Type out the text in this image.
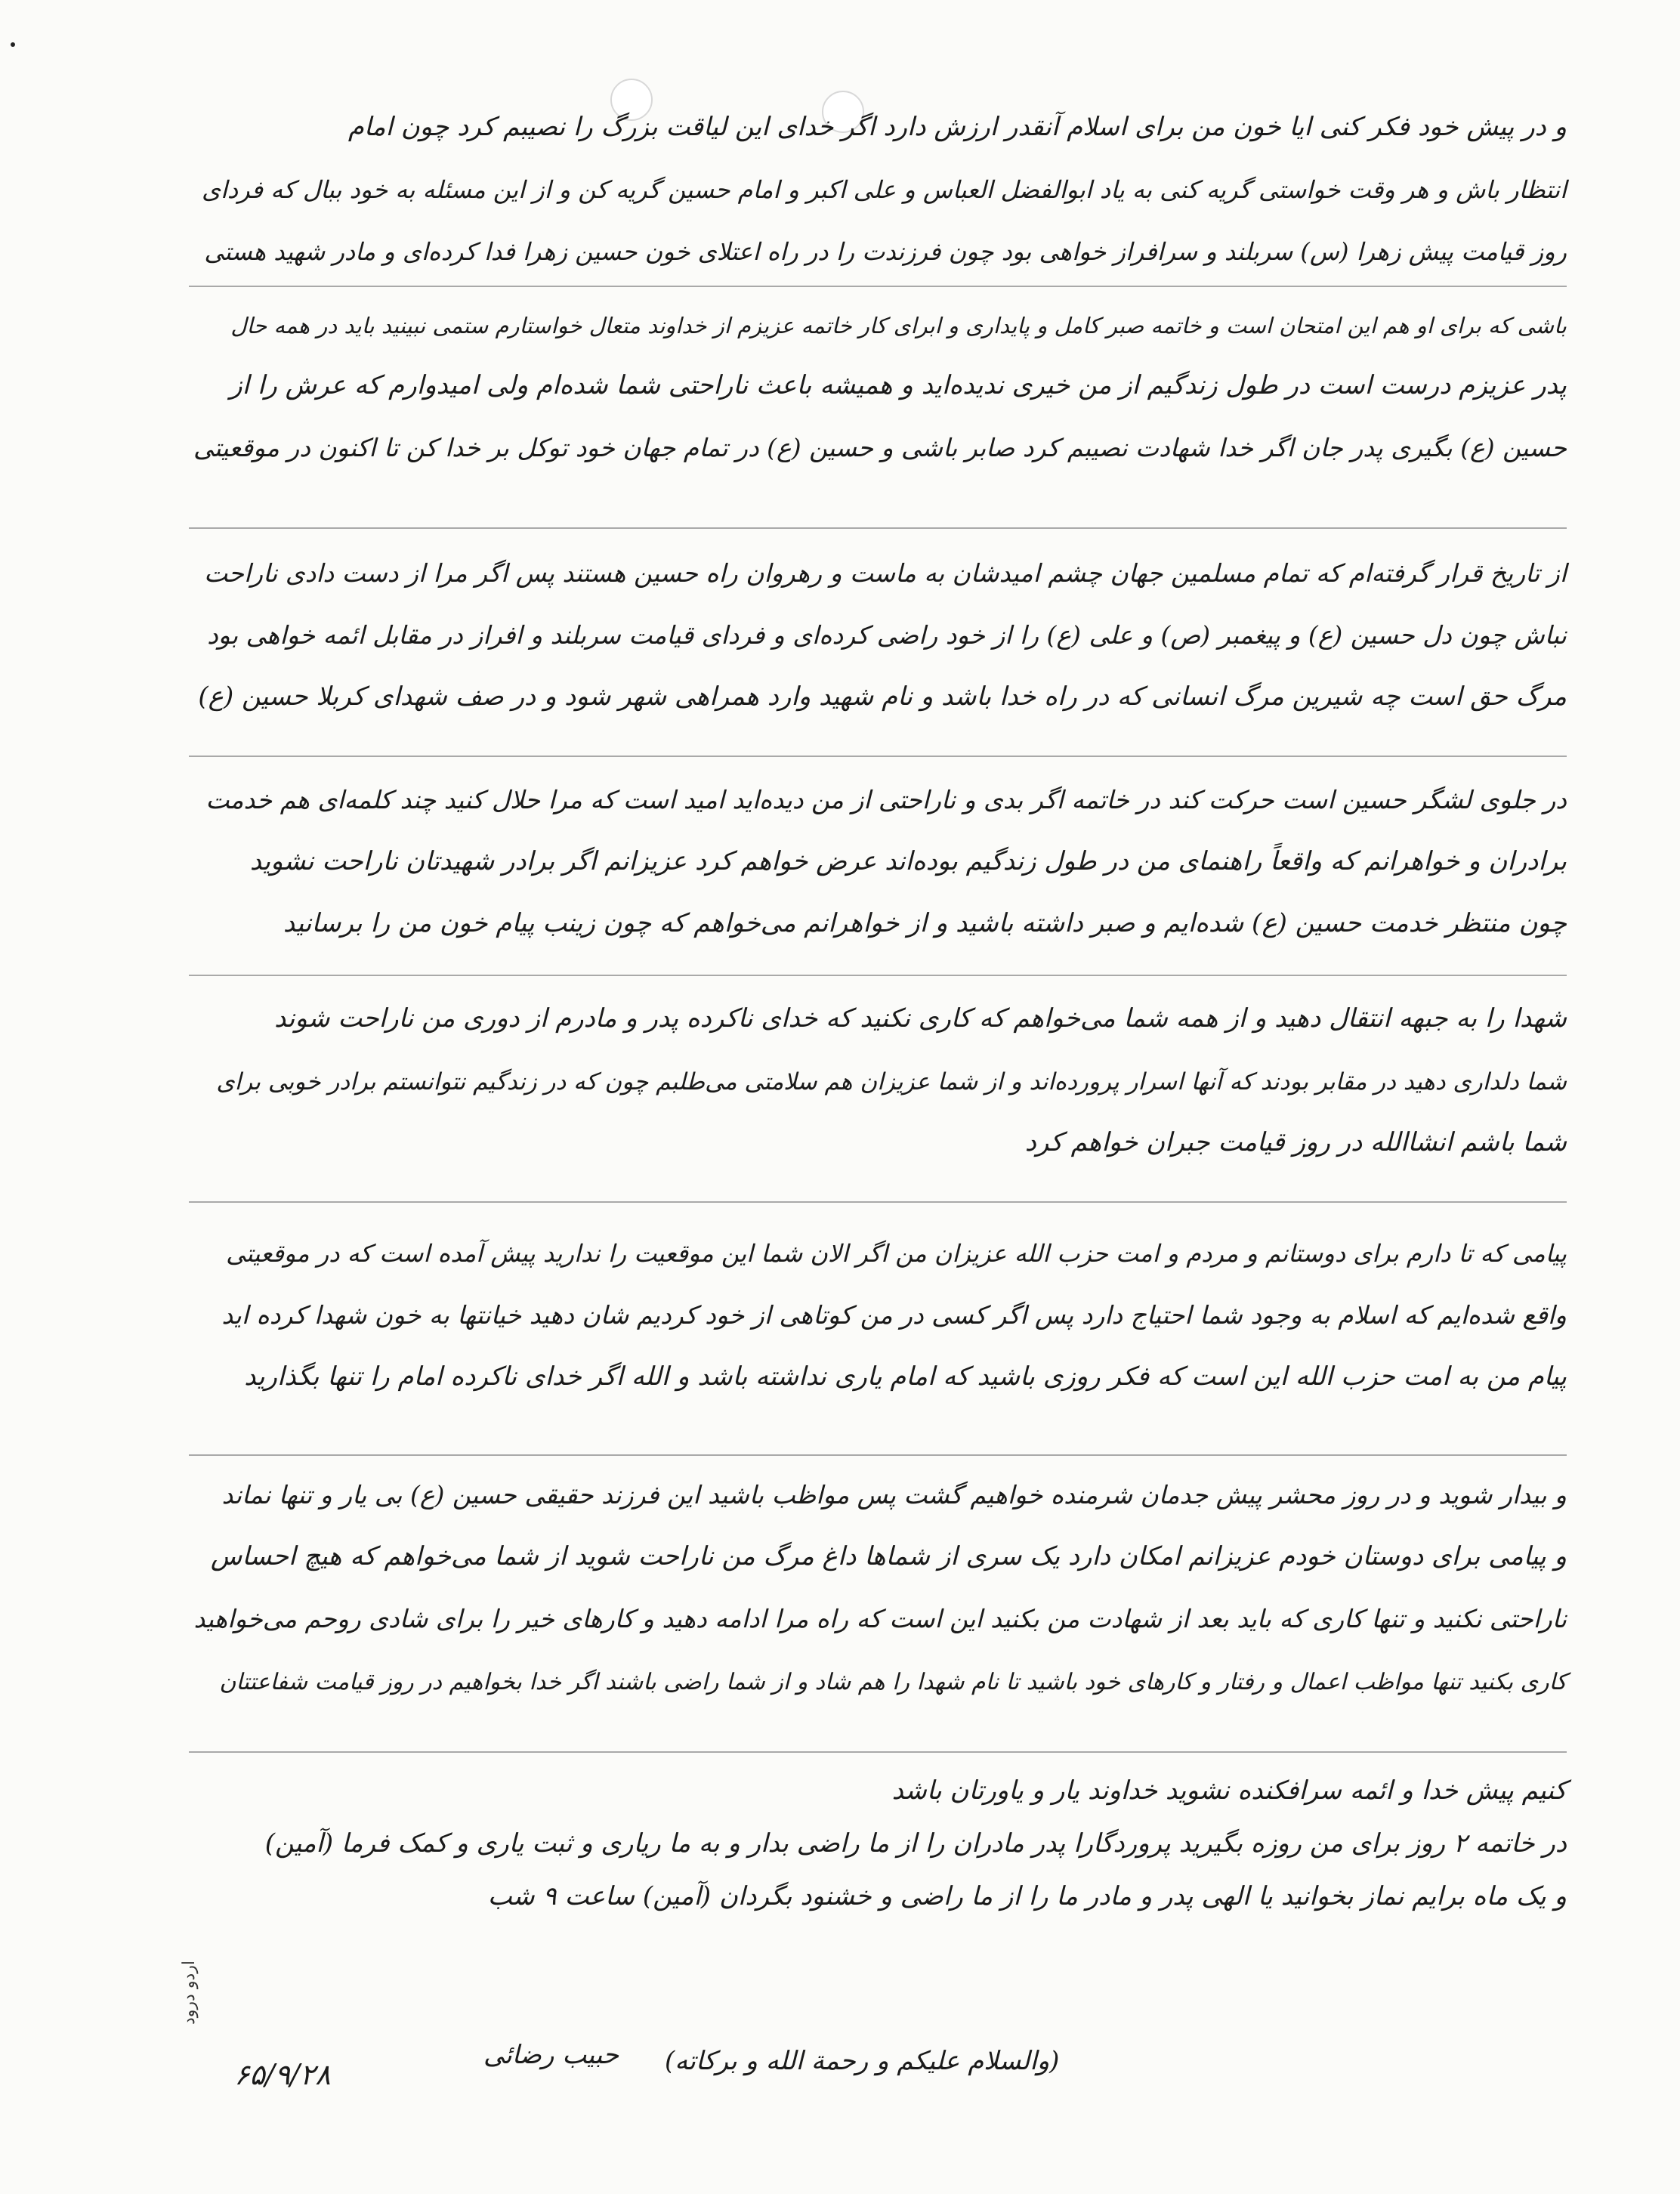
و در پیش خود فکر کنی ایا خون من برای اسلام آنقدر ارزش دارد اگر خدای این لیاقت بزرگ را نصیبم کرد چون امام
انتظار باش و هر وقت خواستی گریه کنی به یاد ابوالفضل العباس و علی اکبر و امام حسین گریه کن و از این مسئله به خود ببال که فردای
روز قیامت پیش زهرا (س) سربلند و سرافراز خواهی بود چون فرزندت را در راه اعتلای خون حسین زهرا فدا کرده‌ای و مادر شهید هستی
باشی که برای او هم این امتحان است و خاتمه صبر کامل و پایداری و ابرای کار خاتمه عزیزم از خداوند متعال خواستارم ستمی نبینید باید در همه حال
پدر عزیزم درست است در طول زندگیم از من خیری ندیده‌اید و همیشه باعث ناراحتی شما شده‌ام ولی امیدوارم که عرش را از
حسین (ع) بگیری پدر جان اگر خدا شهادت نصیبم کرد صابر باشی و حسین (ع) در تمام جهان خود توکل بر خدا کن تا اکنون در موقعیتی
از تاریخ قرار گرفته‌ام که تمام مسلمین جهان چشم امیدشان به ماست و رهروان راه حسین هستند پس اگر مرا از دست دادی ناراحت
نباش چون دل حسین (ع) و پیغمبر (ص) و علی (ع) را از خود راضی کرده‌ای و فردای قیامت سربلند و افراز در مقابل ائمه خواهی بود
مرگ حق است چه شیرین مرگ انسانی که در راه خدا باشد و نام شهید وارد همراهی شهر شود و در صف شهدای کربلا حسین (ع)
در جلوی لشگر حسین است حرکت کند در خاتمه اگر بدی و ناراحتی از من دیده‌اید امید است که مرا حلال کنید چند کلمه‌ای هم خدمت
برادران و خواهرانم که واقعاً راهنمای من در طول زندگیم بوده‌اند عرض خواهم کرد عزیزانم اگر برادر شهیدتان ناراحت نشوید
چون منتظر خدمت حسین (ع) شده‌ایم و صبر داشته باشید و از خواهرانم می‌خواهم که چون زینب پیام خون من را برسانید
شهدا را به جبهه انتقال دهید و از همه شما می‌خواهم که کاری نکنید که خدای ناکرده پدر و مادرم از دوری من ناراحت شوند
شما دلداری دهید در مقابر بودند که آنها اسرار پرورده‌اند و از شما عزیزان هم سلامتی می‌طلبم چون که در زندگیم نتوانستم برادر خوبی برای
شما باشم انشاالله در روز قیامت جبران خواهم کرد
پیامی که تا دارم برای دوستانم و مردم و امت حزب الله عزیزان من اگر الان شما این موقعیت را ندارید پیش آمده است که در موقعیتی
واقع شده‌ایم که اسلام به وجود شما احتیاج دارد پس اگر کسی در من کوتاهی از خود کردیم شان دهید خیانتها به خون شهدا کرده اید
پیام من به امت حزب الله این است که فکر روزی باشید که امام یاری نداشته باشد و الله اگر خدای ناکرده امام را تنها بگذارید
و بیدار شوید و در روز محشر پیش جدمان شرمنده خواهیم گشت پس مواظب باشید این فرزند حقیقی حسین (ع) بی یار و تنها نماند
و پیامی برای دوستان خودم عزیزانم امکان دارد یک سری از شماها داغ مرگ من ناراحت شوید از شما می‌خواهم که هیچ احساس
ناراحتی نکنید و تنها کاری که باید بعد از شهادت من بکنید این است که راه مرا ادامه دهید و کارهای خیر را برای شادی روحم می‌خواهید
کاری بکنید تنها مواظب اعمال و رفتار و کارهای خود باشید تا نام شهدا را هم شاد و از شما راضی باشند اگر خدا بخواهیم در روز قیامت شفاعتتان
کنیم پیش خدا و ائمه سرافکنده نشوید خداوند یار و یاورتان باشد
در خاتمه ۲ روز برای من روزه بگیرید پروردگارا پدر مادران را از ما راضی بدار و به ما ریاری و ثبت یاری و کمک فرما (آمین)
و یک ماه برایم نماز بخوانید یا الهی پدر و مادر ما را از ما راضی و خشنود بگردان (آمین) ساعت ۹ شب
(والسلام علیکم و رحمة الله و برکاته)
حبیب رضائی
۶۵/۹/۲۸
اردو درود
